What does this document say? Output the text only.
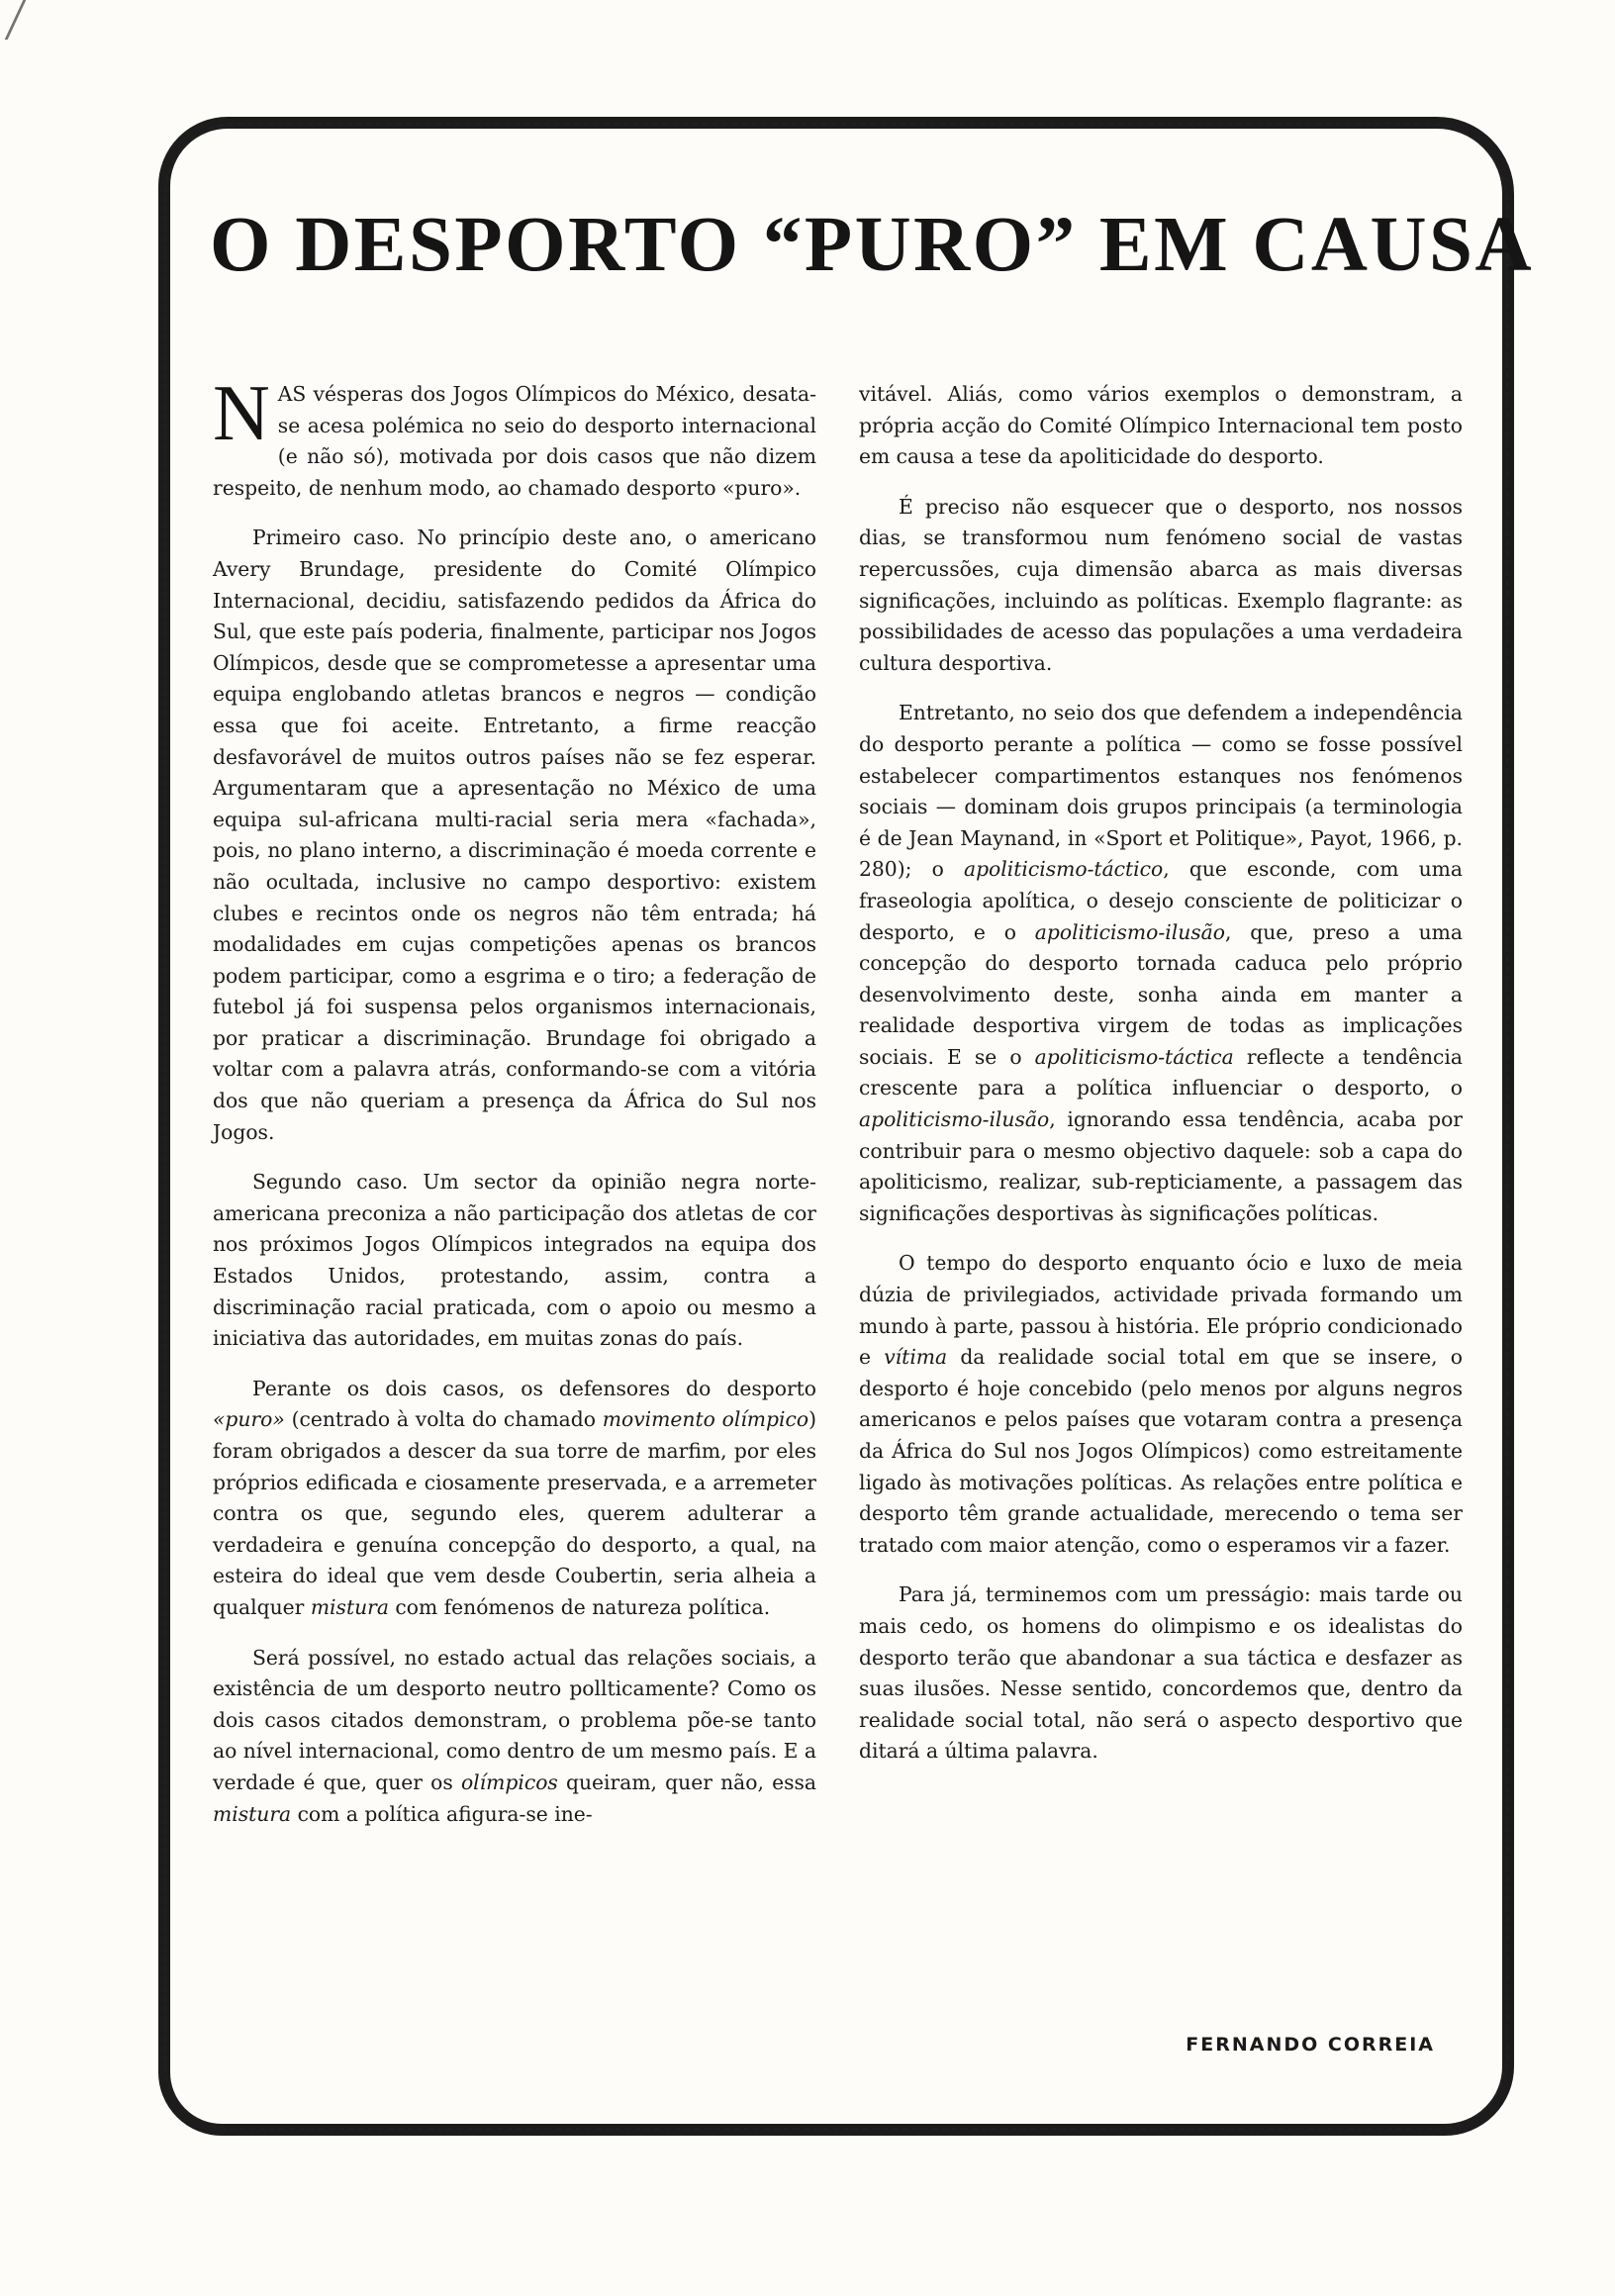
O DESPORTO “PURO” EM CAUSA

NAS vésperas dos Jogos Olímpicos do México, desata-se acesa polémica no seio do desporto internacional (e não só), motivada por dois casos que não dizem respeito, de nenhum modo, ao chamado desporto «puro».

Primeiro caso. No princípio deste ano, o americano Avery Brundage, presidente do Comité Olímpico Internacional, decidiu, satisfazendo pedidos da África do Sul, que este país poderia, finalmente, participar nos Jogos Olímpicos, desde que se comprometesse a apresentar uma equipa englobando atletas brancos e negros — condição essa que foi aceite. Entretanto, a firme reacção desfavorável de muitos outros países não se fez esperar. Argumentaram que a apresentação no México de uma equipa sul-africana multi-racial seria mera «fachada», pois, no plano interno, a discriminação é moeda corrente e não ocultada, inclusive no campo desportivo: existem clubes e recintos onde os negros não têm entrada; há modalidades em cujas competições apenas os brancos podem participar, como a esgrima e o tiro; a federação de futebol já foi suspensa pelos organismos internacionais, por praticar a discriminação. Brundage foi obrigado a voltar com a palavra atrás, conformando-se com a vitória dos que não queriam a presença da África do Sul nos Jogos.

Segundo caso. Um sector da opinião negra norte-americana preconiza a não participação dos atletas de cor nos próximos Jogos Olímpicos integrados na equipa dos Estados Unidos, protestando, assim, contra a discriminação racial praticada, com o apoio ou mesmo a iniciativa das autoridades, em muitas zonas do país.

Perante os dois casos, os defensores do desporto «puro» (centrado à volta do chamado movimento olímpico) foram obrigados a descer da sua torre de marfim, por eles próprios edificada e ciosamente preservada, e a arremeter contra os que, segundo eles, querem adulterar a verdadeira e genuína concepção do desporto, a qual, na esteira do ideal que vem desde Coubertin, seria alheia a qualquer mistura com fenómenos de natureza política.

Será possível, no estado actual das relações sociais, a existência de um desporto neutro pollticamente? Como os dois casos citados demonstram, o problema põe-se tanto ao nível internacional, como dentro de um mesmo país. E a verdade é que, quer os olímpicos queiram, quer não, essa mistura com a política afigura-se ine-

vitável. Aliás, como vários exemplos o demonstram, a própria acção do Comité Olímpico Internacional tem posto em causa a tese da apoliticidade do desporto.

É preciso não esquecer que o desporto, nos nossos dias, se transformou num fenómeno social de vastas repercussões, cuja dimensão abarca as mais diversas significações, incluindo as políticas. Exemplo flagrante: as possibilidades de acesso das populações a uma verdadeira cultura desportiva.

Entretanto, no seio dos que defendem a independência do desporto perante a política — como se fosse possível estabelecer compartimentos estanques nos fenómenos sociais — dominam dois grupos principais (a terminologia é de Jean Maynand, in «Sport et Politique», Payot, 1966, p. 280); o apoliticismo-táctico, que esconde, com uma fraseologia apolítica, o desejo consciente de politicizar o desporto, e o apoliticismo-ilusão, que, preso a uma concepção do desporto tornada caduca pelo próprio desenvolvimento deste, sonha ainda em manter a realidade desportiva virgem de todas as implicações sociais. E se o apoliticismo-táctica reflecte a tendência crescente para a política influenciar o desporto, o apoliticismo-ilusão, ignorando essa tendência, acaba por contribuir para o mesmo objectivo daquele: sob a capa do apoliticismo, realizar, sub-repticiamente, a passagem das significações desportivas às significações políticas.

O tempo do desporto enquanto ócio e luxo de meia dúzia de privilegiados, actividade privada formando um mundo à parte, passou à história. Ele próprio condicionado e vítima da realidade social total em que se insere, o desporto é hoje concebido (pelo menos por alguns negros americanos e pelos países que votaram contra a presença da África do Sul nos Jogos Olímpicos) como estreitamente ligado às motivações políticas. As relações entre política e desporto têm grande actualidade, merecendo o tema ser tratado com maior atenção, como o esperamos vir a fazer.

Para já, terminemos com um presságio: mais tarde ou mais cedo, os homens do olimpismo e os idealistas do desporto terão que abandonar a sua táctica e desfazer as suas ilusões. Nesse sentido, concordemos que, dentro da realidade social total, não será o aspecto desportivo que ditará a última palavra.

FERNANDO CORREIA
